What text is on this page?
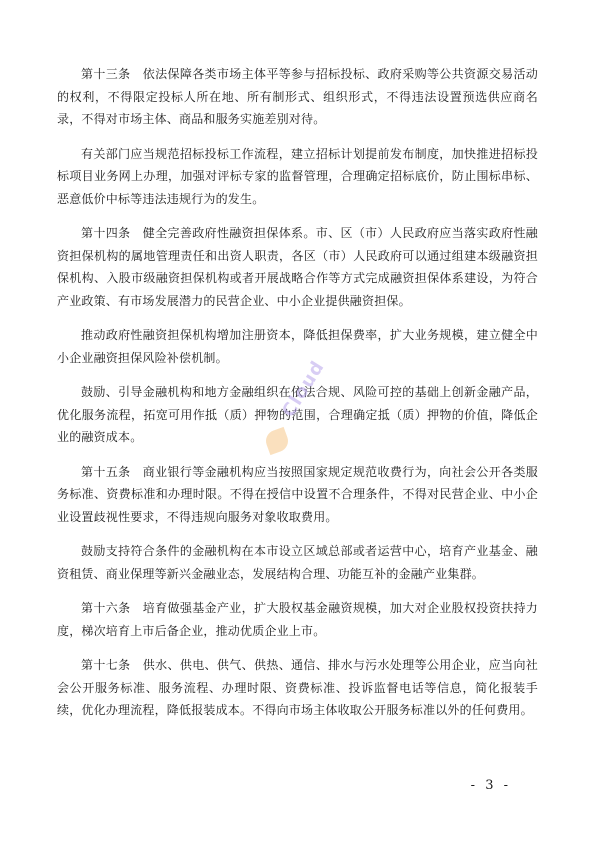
第十三条　依法保障各类市场主体平等参与招标投标、政府采购等公共资源交易活动的权利，不得限定投标人所在地、所有制形式、组织形式，不得违法设置预选供应商名录，不得对市场主体、商品和服务实施差别对待。

有关部门应当规范招标投标工作流程，建立招标计划提前发布制度，加快推进招标投标项目业务网上办理，加强对评标专家的监督管理，合理确定招标底价，防止围标串标、恶意低价中标等违法违规行为的发生。

第十四条　健全完善政府性融资担保体系。市、区（市）人民政府应当落实政府性融资担保机构的属地管理责任和出资人职责，各区（市）人民政府可以通过组建本级融资担保机构、入股市级融资担保机构或者开展战略合作等方式完成融资担保体系建设，为符合产业政策、有市场发展潜力的民营企业、中小企业提供融资担保。

推动政府性融资担保机构增加注册资本，降低担保费率，扩大业务规模，建立健全中小企业融资担保风险补偿机制。

鼓励、引导金融机构和地方金融组织在依法合规、风险可控的基础上创新金融产品，优化服务流程，拓宽可用作抵（质）押物的范围，合理确定抵（质）押物的价值，降低企业的融资成本。

第十五条　商业银行等金融机构应当按照国家规定规范收费行为，向社会公开各类服务标准、资费标准和办理时限。不得在授信中设置不合理条件，不得对民营企业、中小企业设置歧视性要求，不得违规向服务对象收取费用。

鼓励支持符合条件的金融机构在本市设立区域总部或者运营中心，培育产业基金、融资租赁、商业保理等新兴金融业态，发展结构合理、功能互补的金融产业集群。

第十六条　培育做强基金产业，扩大股权基金融资规模，加大对企业股权投资扶持力度，梯次培育上市后备企业，推动优质企业上市。

第十七条　供水、供电、供气、供热、通信、排水与污水处理等公用企业，应当向社会公开服务标准、服务流程、办理时限、资费标准、投诉监督电话等信息，简化报装手续，优化办理流程，降低报装成本。不得向市场主体收取公开服务标准以外的任何费用。

Cloud
- 3 -
